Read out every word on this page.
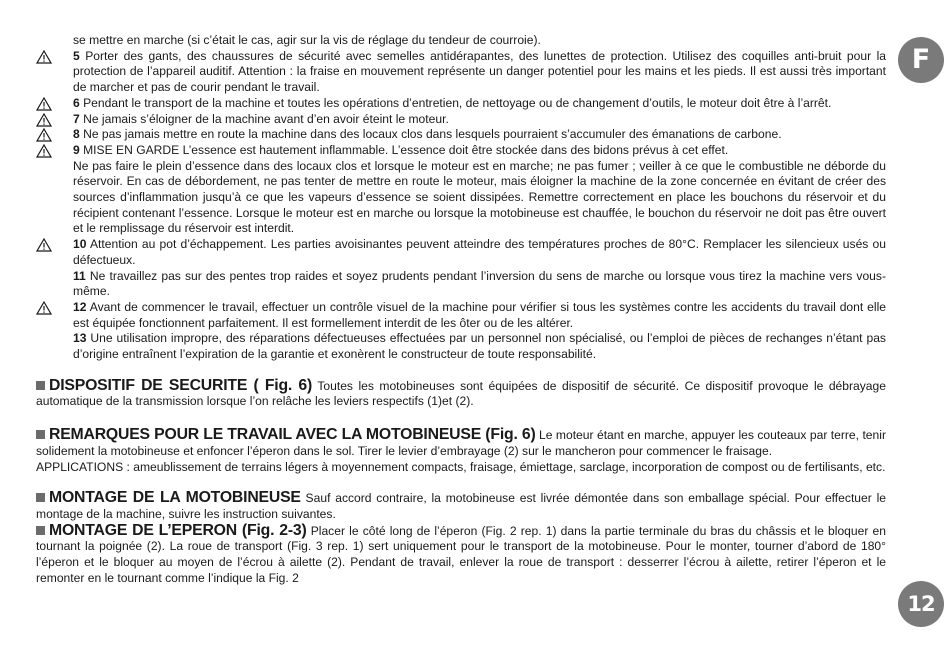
F
12
se mettre en marche (si c’était le cas, agir sur la vis de réglage du tendeur de courroie).
5 Porter des gants, des chaussures de sécurité avec semelles antidérapantes, des lunettes de protection. Utilisez des coquilles anti-bruit pour la protection de l’appareil auditif. Attention : la fraise en mouvement représente un danger potentiel pour les mains et les pieds. Il est aussi très important de marcher et pas de courir pendant le travail.
6 Pendant le transport de la machine et toutes les opérations d’entretien, de nettoyage ou de changement d’outils, le moteur doit être à l’arrêt.
7 Ne jamais s’éloigner de la machine avant d’en avoir éteint le moteur.
8 Ne pas jamais mettre en route la machine dans des locaux clos dans lesquels pourraient s’accumuler des émanations de carbone.
9 MISE EN GARDE L’essence est hautement inflammable. L’essence doit être stockée dans des bidons prévus à cet effet.
Ne pas faire le plein d’essence dans des locaux clos et lorsque le moteur est en marche; ne pas fumer ; veiller à ce que le combustible ne déborde du réservoir. En cas de débordement, ne pas tenter de mettre en route le moteur, mais éloigner la machine de la zone concernée en évitant de créer des sources d’inflammation jusqu’à ce que les vapeurs d’essence se soient dissipées. Remettre correctement en place les bouchons du réservoir et du récipient contenant l’essence. Lorsque le moteur est en marche ou lorsque la motobineuse est chauffée, le bouchon du réservoir ne doit pas être ouvert et le remplissage du réservoir est interdit.
10 Attention au pot d’échappement. Les parties avoisinantes peuvent atteindre des températures proches de 80°C. Remplacer les silencieux usés ou défectueux.
11 Ne travaillez pas sur des pentes trop raides et soyez prudents pendant l’inversion du sens de marche ou lorsque vous tirez la machine vers vous-même.
12 Avant de commencer le travail, effectuer un contrôle visuel de la machine pour vérifier si tous les systèmes contre les accidents du travail dont elle est équipée fonctionnent parfaitement. Il est formellement interdit de les ôter ou de les altérer.
13 Une utilisation impropre, des réparations défectueuses effectuées par un personnel non spécialisé, ou l’emploi de pièces de rechanges n’étant pas d’origine entraînent l’expiration de la garantie et exonèrent le constructeur de toute responsabilité.
DISPOSITIF DE SECURITE ( Fig. 6) Toutes les motobineuses sont équipées de dispositif de sécurité. Ce dispositif provoque le débrayage automatique de la transmission lorsque l’on relâche les leviers respectifs (1)et (2).
REMARQUES POUR LE TRAVAIL AVEC LA MOTOBINEUSE (Fig. 6) Le moteur étant en marche, appuyer les couteaux par terre, tenir solidement la motobineuse et enfoncer l’éperon dans le sol. Tirer le levier d’embrayage (2) sur le mancheron pour commencer le fraisage.
APPLICATIONS : ameublissement de terrains légers à moyennement compacts, fraisage, émiettage, sarclage, incorporation de compost ou de fertilisants, etc.
MONTAGE DE LA MOTOBINEUSE Sauf accord contraire, la motobineuse est livrée démontée dans son emballage spécial. Pour effectuer le montage de la machine, suivre les instruction suivantes.
MONTAGE DE L’EPERON (Fig. 2-3) Placer le côté long de l’éperon (Fig. 2 rep. 1) dans la partie terminale du bras du châssis et le bloquer en tournant la poignée (2). La roue de transport (Fig. 3 rep. 1) sert uniquement pour le transport de la motobineuse. Pour le monter, tourner d’abord de 180° l’éperon et le bloquer au moyen de l’écrou à ailette (2). Pendant de travail, enlever la roue de transport : desserrer l’écrou à ailette, retirer l’éperon et le remonter en le tournant comme l’indique la Fig. 2
